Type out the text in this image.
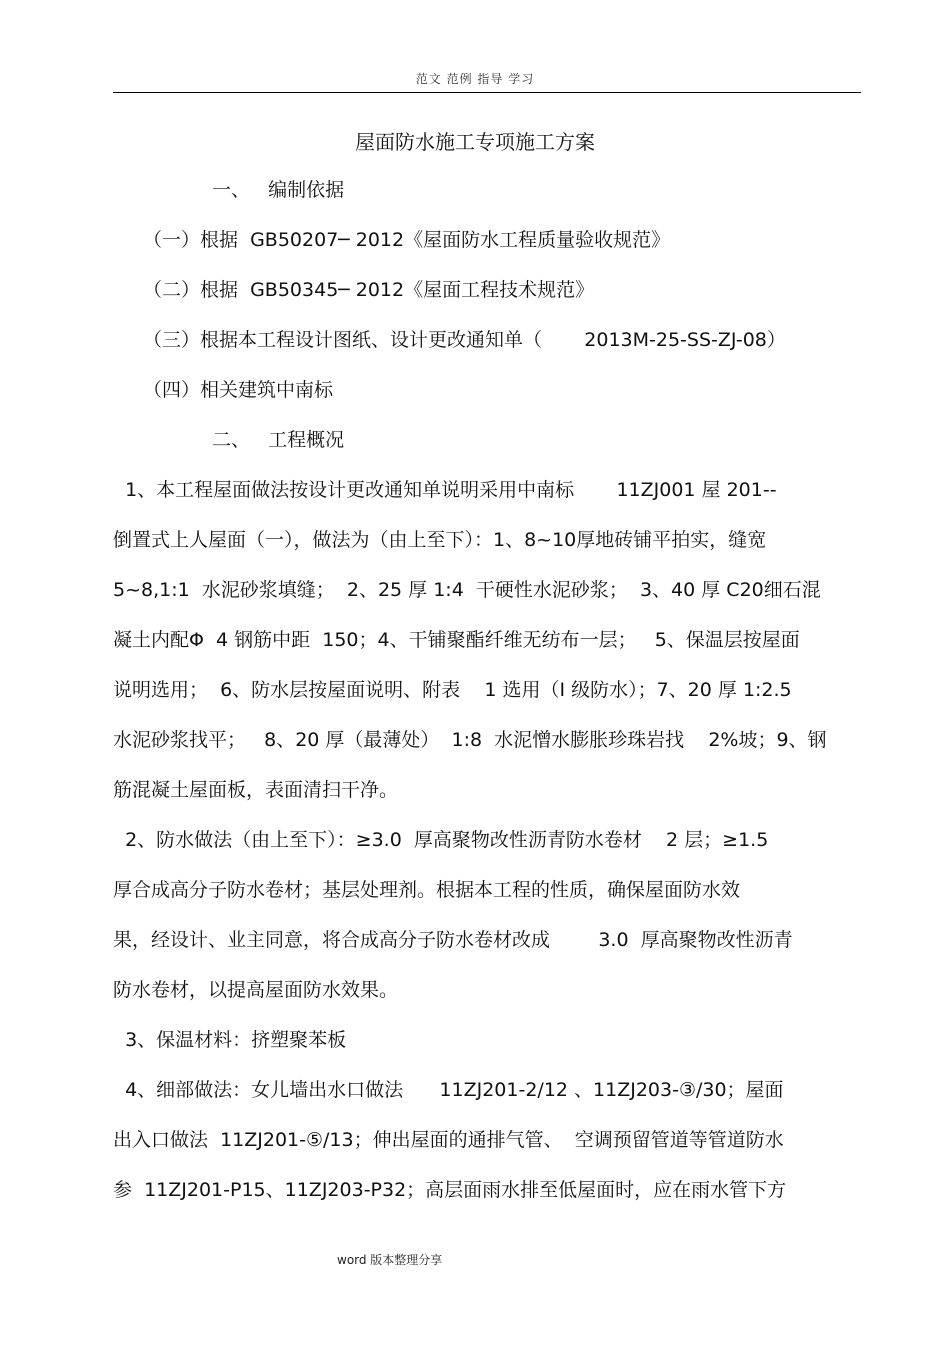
范文 范例 指导 学习
屋面防水施工专项施工方案
一、   编制依据
（一）根据  GB50207─ 2012《屋面防水工程质量验收规范》
（二）根据  GB50345─ 2012《屋面工程技术规范》
（三）根据本工程设计图纸、设计更改通知单（       2013M-25-SS-ZJ-08）
（四）相关建筑中南标
二、   工程概况
1、本工程屋面做法按设计更改通知单说明采用中南标       11ZJ001 屋 201--
倒置式上人屋面（一），做法为（由上至下）：1、8~10厚地砖铺平拍实，缝宽
5~8,1:1  水泥砂浆填缝；  2、25 厚 1:4  干硬性水泥砂浆；  3、40 厚 C20细石混
凝土内配Φ  4 钢筋中距  150；4、干铺聚酯纤维无纺布一层；   5、保温层按屋面
说明选用；  6、防水层按屋面说明、附表    1 选用（Ⅰ 级防水）；7、20 厚 1:2.5
水泥砂浆找平；   8、20 厚（最薄处）  1:8  水泥憎水膨胀珍珠岩找    2%坡；9、钢
筋混凝土屋面板，表面清扫干净。
2、防水做法（由上至下）：≥3.0  厚高聚物改性沥青防水卷材    2 层；≥1.5
厚合成高分子防水卷材；基层处理剂。根据本工程的性质，确保屋面防水效
果，经设计、业主同意，将合成高分子防水卷材改成        3.0  厚高聚物改性沥青
防水卷材，以提高屋面防水效果。
3、保温材料：挤塑聚苯板
4、细部做法：女儿墙出水口做法      11ZJ201-2/12 、11ZJ203-③/30；屋面
出入口做法  11ZJ201-⑤/13；伸出屋面的通排气管、  空调预留管道等管道防水
参  11ZJ201-P15、11ZJ203-P32；高层面雨水排至低屋面时，应在雨水管下方
word 版本整理分享
